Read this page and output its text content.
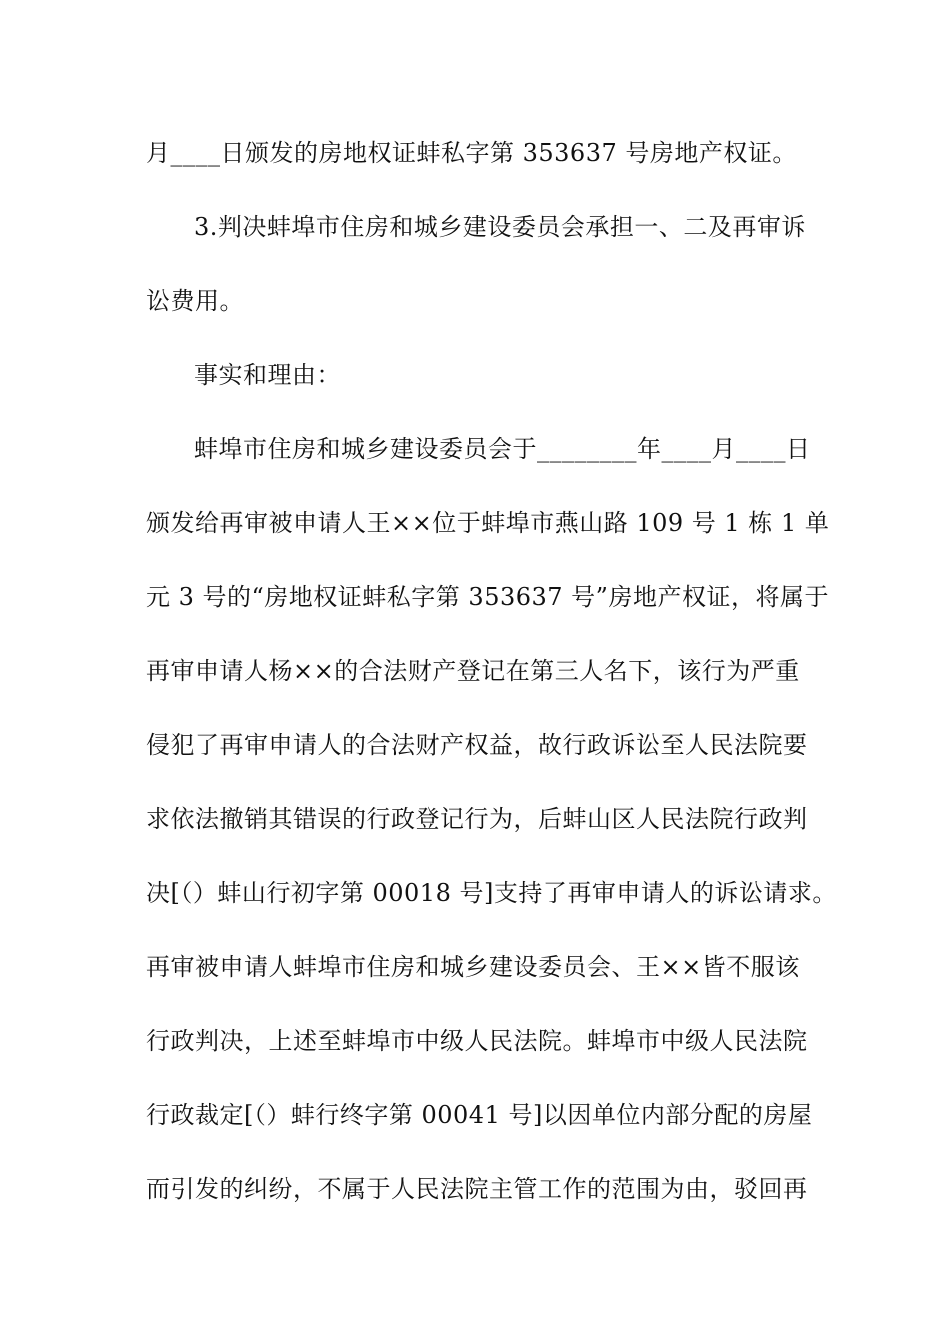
月____日颁发的房地权证蚌私字第 353637 号房地产权证。
3.判决蚌埠市住房和城乡建设委员会承担一、二及再审诉
讼费用。
事实和理由：
蚌埠市住房和城乡建设委员会于________年____月____日
颁发给再审被申请人王××位于蚌埠市燕山路 109 号 1 栋 1 单
元 3 号的“房地权证蚌私字第 353637 号”房地产权证，将属于
再审申请人杨××的合法财产登记在第三人名下，该行为严重
侵犯了再审申请人的合法财产权益，故行政诉讼至人民法院要
求依法撤销其错误的行政登记行为，后蚌山区人民法院行政判
决[（）蚌山行初字第 00018 号]支持了再审申请人的诉讼请求。
再审被申请人蚌埠市住房和城乡建设委员会、王××皆不服该
行政判决，上述至蚌埠市中级人民法院。蚌埠市中级人民法院
行政裁定[（）蚌行终字第 00041 号]以因单位内部分配的房屋
而引发的纠纷，不属于人民法院主管工作的范围为由，驳回再
